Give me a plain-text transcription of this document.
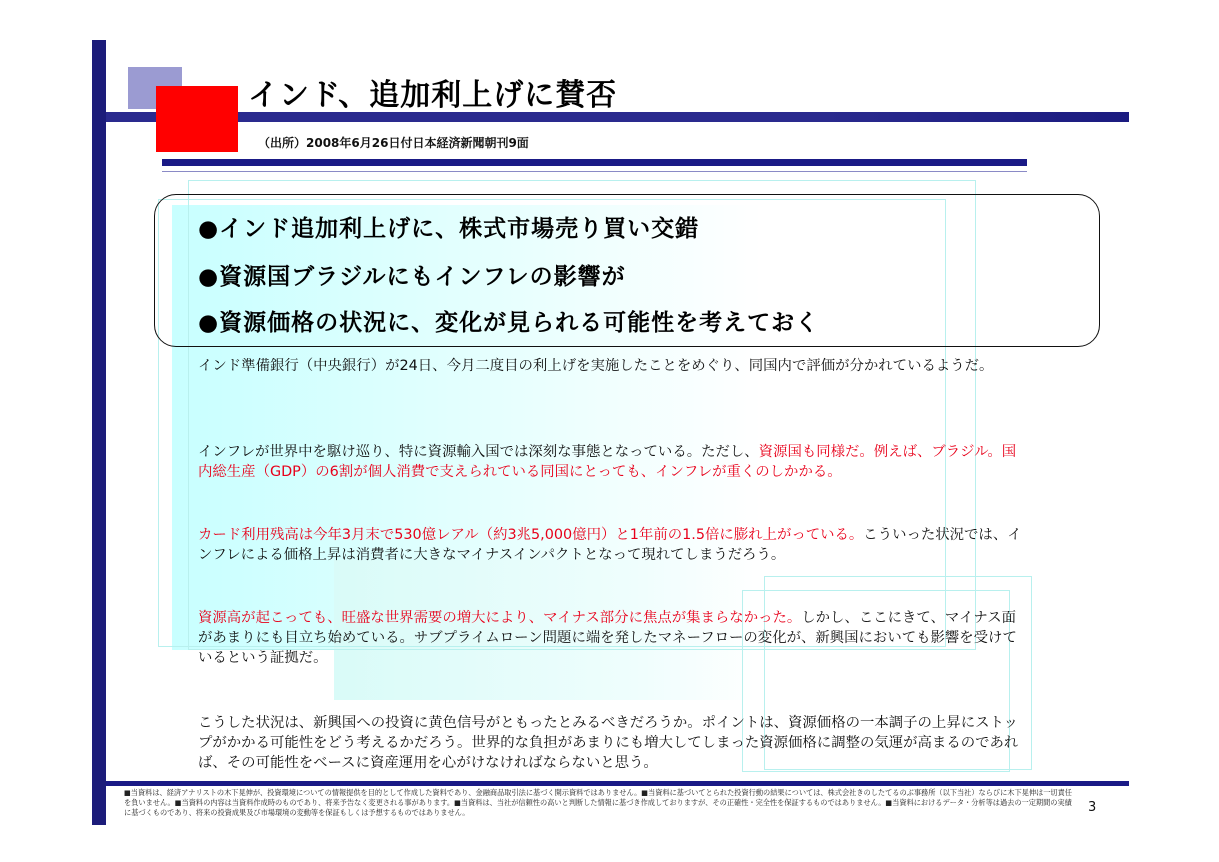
インド、追加利上げに賛否
（出所）2008年6月26日付日本経済新聞朝刊9面
●インド追加利上げに、株式市場売り買い交錯
●資源国ブラジルにもインフレの影響が
●資源価格の状況に、変化が見られる可能性を考えておく
インド準備銀行（中央銀行）が24日、今月二度目の利上げを実施したことをめぐり、同国内で評価が分かれているようだ。
インフレが世界中を駆け巡り、特に資源輸入国では深刻な事態となっている。ただし、資源国も同様だ。例えば、ブラジル。国内総生産（GDP）の6割が個人消費で支えられている同国にとっても、インフレが重くのしかかる。
カード利用残高は今年3月末で530億レアル（約3兆5,000億円）と1年前の1.5倍に膨れ上がっている。こういった状況では、インフレによる価格上昇は消費者に大きなマイナスインパクトとなって現れてしまうだろう。
資源高が起こっても、旺盛な世界需要の増大により、マイナス部分に焦点が集まらなかった。しかし、ここにきて、マイナス面があまりにも目立ち始めている。サブプライムローン問題に端を発したマネーフローの変化が、新興国においても影響を受けているという証拠だ。
こうした状況は、新興国への投資に黄色信号がともったとみるべきだろうか。ポイントは、資源価格の一本調子の上昇にストップがかかる可能性をどう考えるかだろう。世界的な負担があまりにも増大してしまった資源価格に調整の気運が高まるのであれば、その可能性をベースに資産運用を心がけなければならないと思う。
■当資料は、経済アナリストの木下晃伸が、投資環境についての情報提供を目的として作成した資料であり、金融商品取引法に基づく開示資料ではありません。■当資料に基づいてとられた投資行動の結果については、株式会社きのしたてるのぶ事務所（以下当社）ならびに木下晃伸は一切責任を負いません。■当資料の内容は当資料作成時のものであり、将来予告なく変更される事があります。■当資料は、当社が信頼性の高いと判断した情報に基づき作成しておりますが、その正確性・完全性を保証するものではありません。■当資料におけるデータ・分析等は過去の一定期間の実績に基づくものであり、将来の投資成果及び市場環境の変動等を保証もしくは予想するものではありません。	3
